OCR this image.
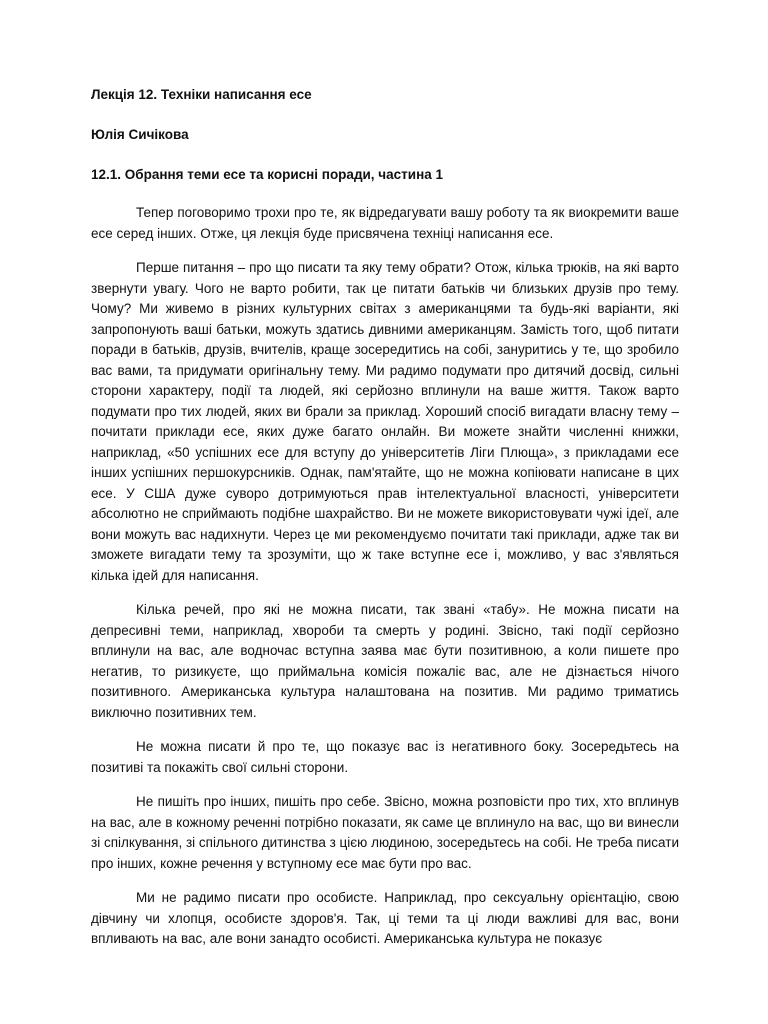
Лекція 12. Техніки написання есе

Юлія Сичікова

12.1. Обрання теми есе та корисні поради, частина 1

Тепер поговоримо трохи про те, як відредагувати вашу роботу та як виокремити ваше есе серед інших. Отже, ця лекція буде присвячена техніці написання есе.

Перше питання – про що писати та яку тему обрати? Отож, кілька трюків, на які варто звернути увагу. Чого не варто робити, так це питати батьків чи близьких друзів про тему. Чому? Ми живемо в різних культурних світах з американцями та будь-які варіанти, які запропонують ваші батьки, можуть здатись дивними американцям. Замість того, щоб питати поради в батьків, друзів, вчителів, краще зосередитись на собі, зануритись у те, що зробило вас вами, та придумати оригінальну тему. Ми радимо подумати про дитячий досвід, сильні сторони характеру, події та людей, які серйозно вплинули на ваше життя. Також варто подумати про тих людей, яких ви брали за приклад. Хороший спосіб вигадати власну тему – почитати приклади есе, яких дуже багато онлайн. Ви можете знайти численні книжки, наприклад, «50 успішних есе для вступу до університетів Ліги Плюща», з прикладами есе інших успішних першокурсників. Однак, пам'ятайте, що не можна копіювати написане в цих есе. У США дуже суворо дотримуються прав інтелектуальної власності, університети абсолютно не сприймають подібне шахрайство. Ви не можете використовувати чужі ідеї, але вони можуть вас надихнути. Через це ми рекомендуємо почитати такі приклади, адже так ви зможете вигадати тему та зрозуміти, що ж таке вступне есе і, можливо, у вас з'являться кілька ідей для написання.

Кілька речей, про які не можна писати, так звані «табу». Не можна писати на депресивні теми, наприклад, хвороби та смерть у родині. Звісно, такі події серйозно вплинули на вас, але водночас вступна заява має бути позитивною, а коли пишете про негатив, то ризикуєте, що приймальна комісія пожаліє вас, але не дізнається нічого позитивного. Американська культура налаштована на позитив. Ми радимо триматись виключно позитивних тем.

Не можна писати й про те, що показує вас із негативного боку. Зосередьтесь на позитиві та покажіть свої сильні сторони.

Не пишіть про інших, пишіть про себе. Звісно, можна розповісти про тих, хто вплинув на вас, але в кожному реченні потрібно показати, як саме це вплинуло на вас, що ви винесли зі спілкування, зі спільного дитинства з цією людиною, зосередьтесь на собі. Не треба писати про інших, кожне речення у вступному есе має бути про вас.

Ми не радимо писати про особисте. Наприклад, про сексуальну орієнтацію, свою дівчину чи хлопця, особисте здоров'я. Так, ці теми та ці люди важливі для вас, вони впливають на вас, але вони занадто особисті. Американська культура не показує
